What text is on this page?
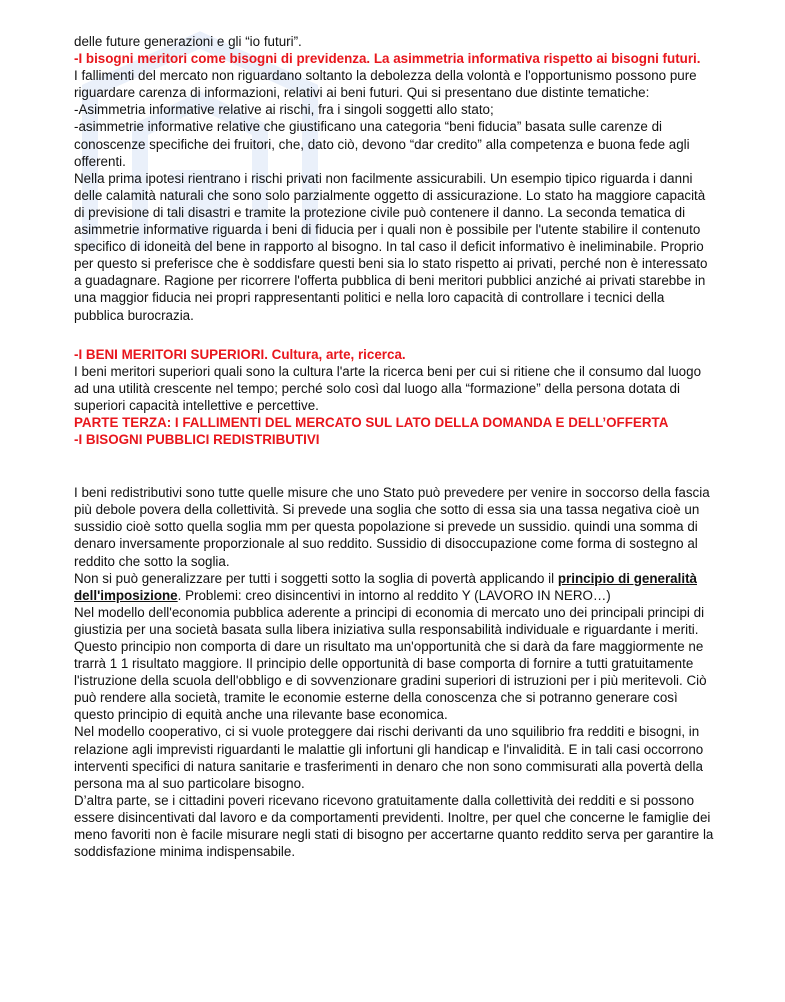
delle future generazioni e gli “io futuri”.

-I bisogni meritori come bisogni di previdenza. La asimmetria informativa rispetto ai bisogni futuri.

I fallimenti del mercato non riguardano soltanto la debolezza della volontà e l'opportunismo possono pure riguardare carenza di informazioni, relativi ai beni futuri. Qui si presentano due distinte tematiche:

-Asimmetria informative relative ai rischi, fra i singoli soggetti allo stato;

-asimmetrie informative relative che giustificano una categoria “beni fiducia” basata sulle carenze di conoscenze specifiche dei fruitori, che, dato ciò, devono “dar credito” alla competenza e buona fede agli offerenti.

Nella prima ipotesi rientrano i rischi privati non facilmente assicurabili. Un esempio tipico riguarda i danni delle calamità naturali che sono solo parzialmente oggetto di assicurazione. Lo stato ha maggiore capacità di previsione di tali disastri e tramite la protezione civile può contenere il danno. La seconda tematica di asimmetrie informative riguarda i beni di fiducia per i quali non è possibile per l'utente stabilire il contenuto specifico di idoneità del bene in rapporto al bisogno. In tal caso il deficit informativo è ineliminabile. Proprio per questo si preferisce che è soddisfare questi beni sia lo stato rispetto ai privati, perché non è interessato a guadagnare. Ragione per ricorrere l'offerta pubblica di beni meritori pubblici anziché ai privati starebbe in una maggior fiducia nei propri rappresentanti politici e nella loro capacità di controllare i tecnici della pubblica burocrazia.

-I BENI MERITORI SUPERIORI. Cultura, arte, ricerca.

I beni meritori superiori quali sono la cultura l'arte la ricerca beni per cui si ritiene che il consumo dal luogo ad una utilità crescente nel tempo; perché solo così dal luogo alla “formazione” della persona dotata di superiori capacità intellettive e percettive.

PARTE TERZA: I FALLIMENTI DEL MERCATO SUL LATO DELLA DOMANDA E DELL’OFFERTA

-I BISOGNI PUBBLICI REDISTRIBUTIVI

I beni redistributivi sono tutte quelle misure che uno Stato può prevedere per venire in soccorso della fascia più debole povera della collettività. Si prevede una soglia che sotto di essa sia una tassa negativa cioè un sussidio cioè sotto quella soglia mm per questa popolazione si prevede un sussidio. quindi una somma di denaro inversamente proporzionale al suo reddito. Sussidio di disoccupazione come forma di sostegno al reddito che sotto la soglia.

Non si può generalizzare per tutti i soggetti sotto la soglia di povertà applicando il principio di generalità dell'imposizione. Problemi: creo disincentivi in intorno al reddito Y (LAVORO IN NERO…)

Nel modello dell'economia pubblica aderente a principi di economia di mercato uno dei principali principi di giustizia per una società basata sulla libera iniziativa sulla responsabilità individuale e riguardante i meriti. Questo principio non comporta di dare un risultato ma un'opportunità che si darà da fare maggiormente ne trarrà 1 1 risultato maggiore. Il principio delle opportunità di base comporta di fornire a tutti gratuitamente l'istruzione della scuola dell'obbligo e di sovvenzionare gradini superiori di istruzioni per i più meritevoli. Ciò può rendere alla società, tramite le economie esterne della conoscenza che si potranno generare così questo principio di equità anche una rilevante base economica.

Nel modello cooperativo, ci si vuole proteggere dai rischi derivanti da uno squilibrio fra redditi e bisogni, in relazione agli imprevisti riguardanti le malattie gli infortuni gli handicap e l'invalidità. E in tali casi occorrono interventi specifici di natura sanitarie e trasferimenti in denaro che non sono commisurati alla povertà della persona ma al suo particolare bisogno.

D’altra parte, se i cittadini poveri ricevano ricevono gratuitamente dalla collettività dei redditi e si possono essere disincentivati dal lavoro e da comportamenti previdenti. Inoltre, per quel che concerne le famiglie dei meno favoriti non è facile misurare negli stati di bisogno per accertarne quanto reddito serva per garantire la soddisfazione minima indispensabile.
